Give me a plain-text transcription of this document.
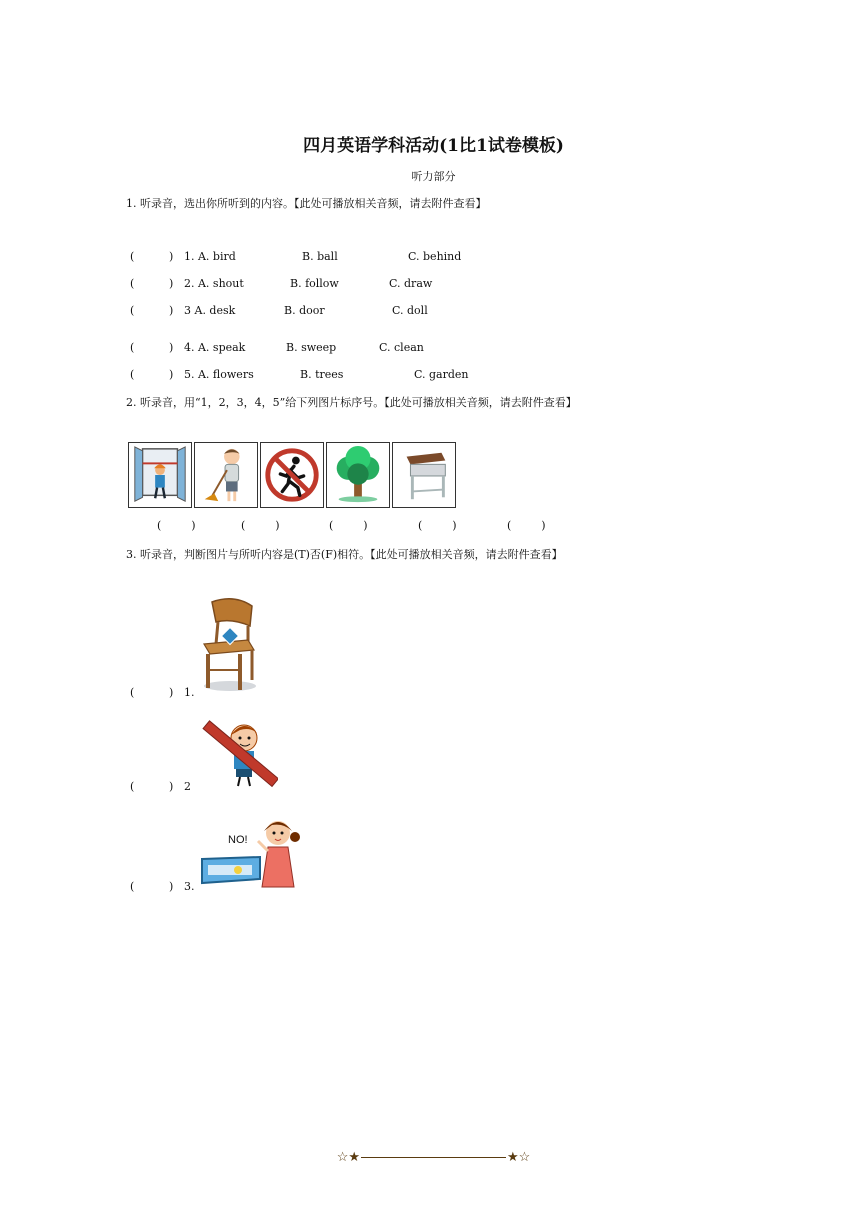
四月英语学科活动(1比1试卷模板)
听力部分
1. 听录音，选出你所听到的内容。【此处可播放相关音频，请去附件查看】
(	) 1. A. bird	B. ball	C. behind
(	) 2. A. shout	B. follow	C. draw
(	) 3 A. desk	B. door	C. doll
(	) 4. A. speak	B. sweep	C. clean
(	) 5. A. flowers	B. trees	C. garden
2. 听录音，用“1，2，3，4，5”给下列图片标序号。【此处可播放相关音频，请去附件查看】
(	)	(	)	(	)	(	)	(	)
3. 听录音，判断图片与所听内容是(T)否(F)相符。【此处可播放相关音频，请去附件查看】
(	) 1.
(	) 2
NO!
(	) 3.
☆★	★☆
